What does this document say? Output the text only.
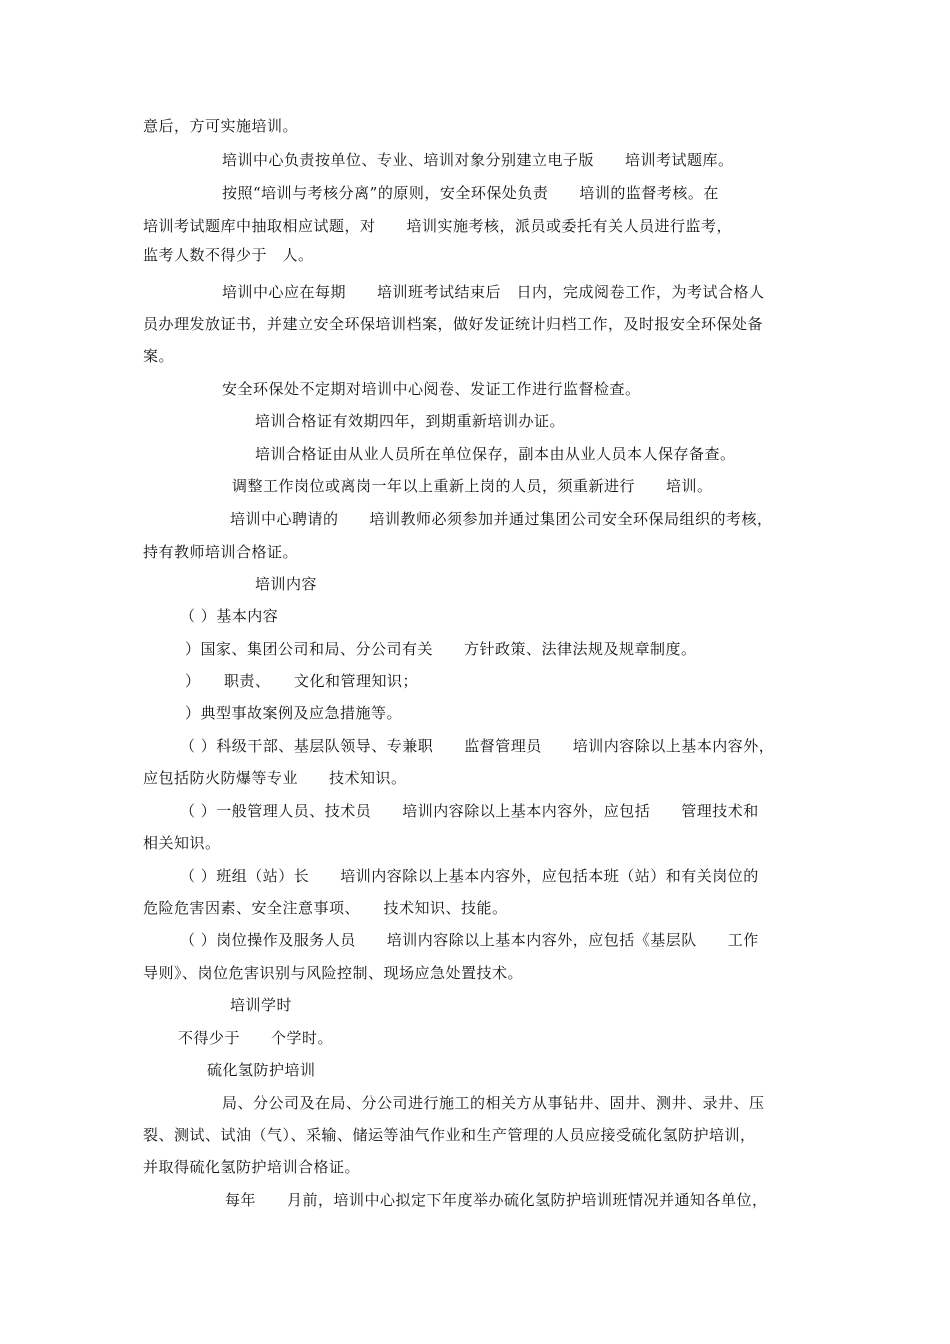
意后，方可实施培训。
培训中心负责按单位、专业、培训对象分别建立电子版　　培训考试题库。
按照“培训与考核分离”的原则，安全环保处负责　　培训的监督考核。在
培训考试题库中抽取相应试题，对　　培训实施考核，派员或委托有关人员进行监考，
监考人数不得少于　人。
培训中心应在每期　　培训班考试结束后　日内，完成阅卷工作，为考试合格人
员办理发放证书，并建立安全环保培训档案，做好发证统计归档工作，及时报安全环保处备
案。
安全环保处不定期对培训中心阅卷、发证工作进行监督检查。
培训合格证有效期四年，到期重新培训办证。
培训合格证由从业人员所在单位保存，副本由从业人员本人保存备查。
调整工作岗位或离岗一年以上重新上岗的人员，须重新进行　　培训。
培训中心聘请的　　培训教师必须参加并通过集团公司安全环保局组织的考核，
持有教师培训合格证。
培训内容
（ ）基本内容
）国家、集团公司和局、分公司有关　　方针政策、法律法规及规章制度。
）　　职责、　　文化和管理知识；
）典型事故案例及应急措施等。
（ ）科级干部、基层队领导、专兼职　　监督管理员　　培训内容除以上基本内容外，
应包括防火防爆等专业　　技术知识。
（ ）一般管理人员、技术员　　培训内容除以上基本内容外，应包括　　管理技术和
相关知识。
（ ）班组（站）长　　培训内容除以上基本内容外，应包括本班（站）和有关岗位的
危险危害因素、安全注意事项、　　技术知识、技能。
（ ）岗位操作及服务人员　　培训内容除以上基本内容外，应包括《基层队　　工作
导则》、岗位危害识别与风险控制、现场应急处置技术。
培训学时
不得少于　　个学时。
硫化氢防护培训
局、分公司及在局、分公司进行施工的相关方从事钻井、固井、测井、录井、压
裂、测试、试油（气）、采输、储运等油气作业和生产管理的人员应接受硫化氢防护培训，
并取得硫化氢防护培训合格证。
每年　　月前，培训中心拟定下年度举办硫化氢防护培训班情况并通知各单位，
